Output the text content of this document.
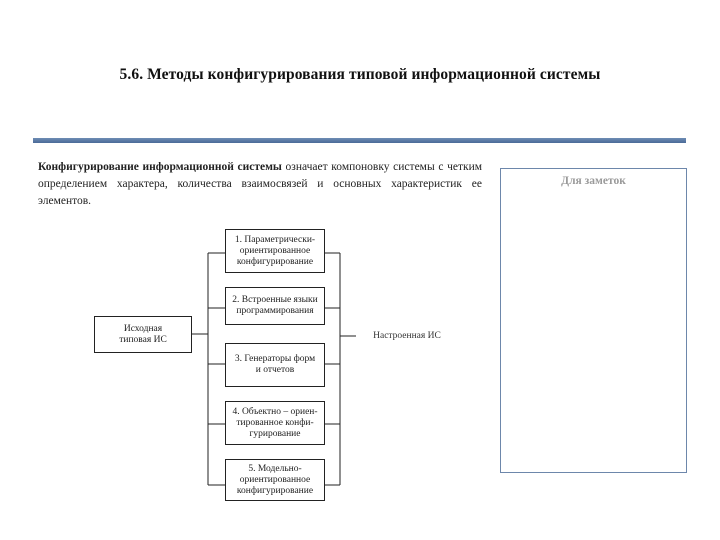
5.6. Методы конфигурирования типовой информационной системы
Конфигурирование информационной системы означает компоновку системы с четким определением характера, количества взаимосвязей и основных характеристик ее элементов.
Для заметок
Исходная
типовая ИС
1. Параметрически-
ориентированное
конфигурирование
2. Встроенные языки
программирования
3. Генераторы форм
и отчетов
4. Объектно – ориен-
тированное конфи-
гурирование
5. Модельно-
ориентированное
конфигурирование
Настроенная ИС
